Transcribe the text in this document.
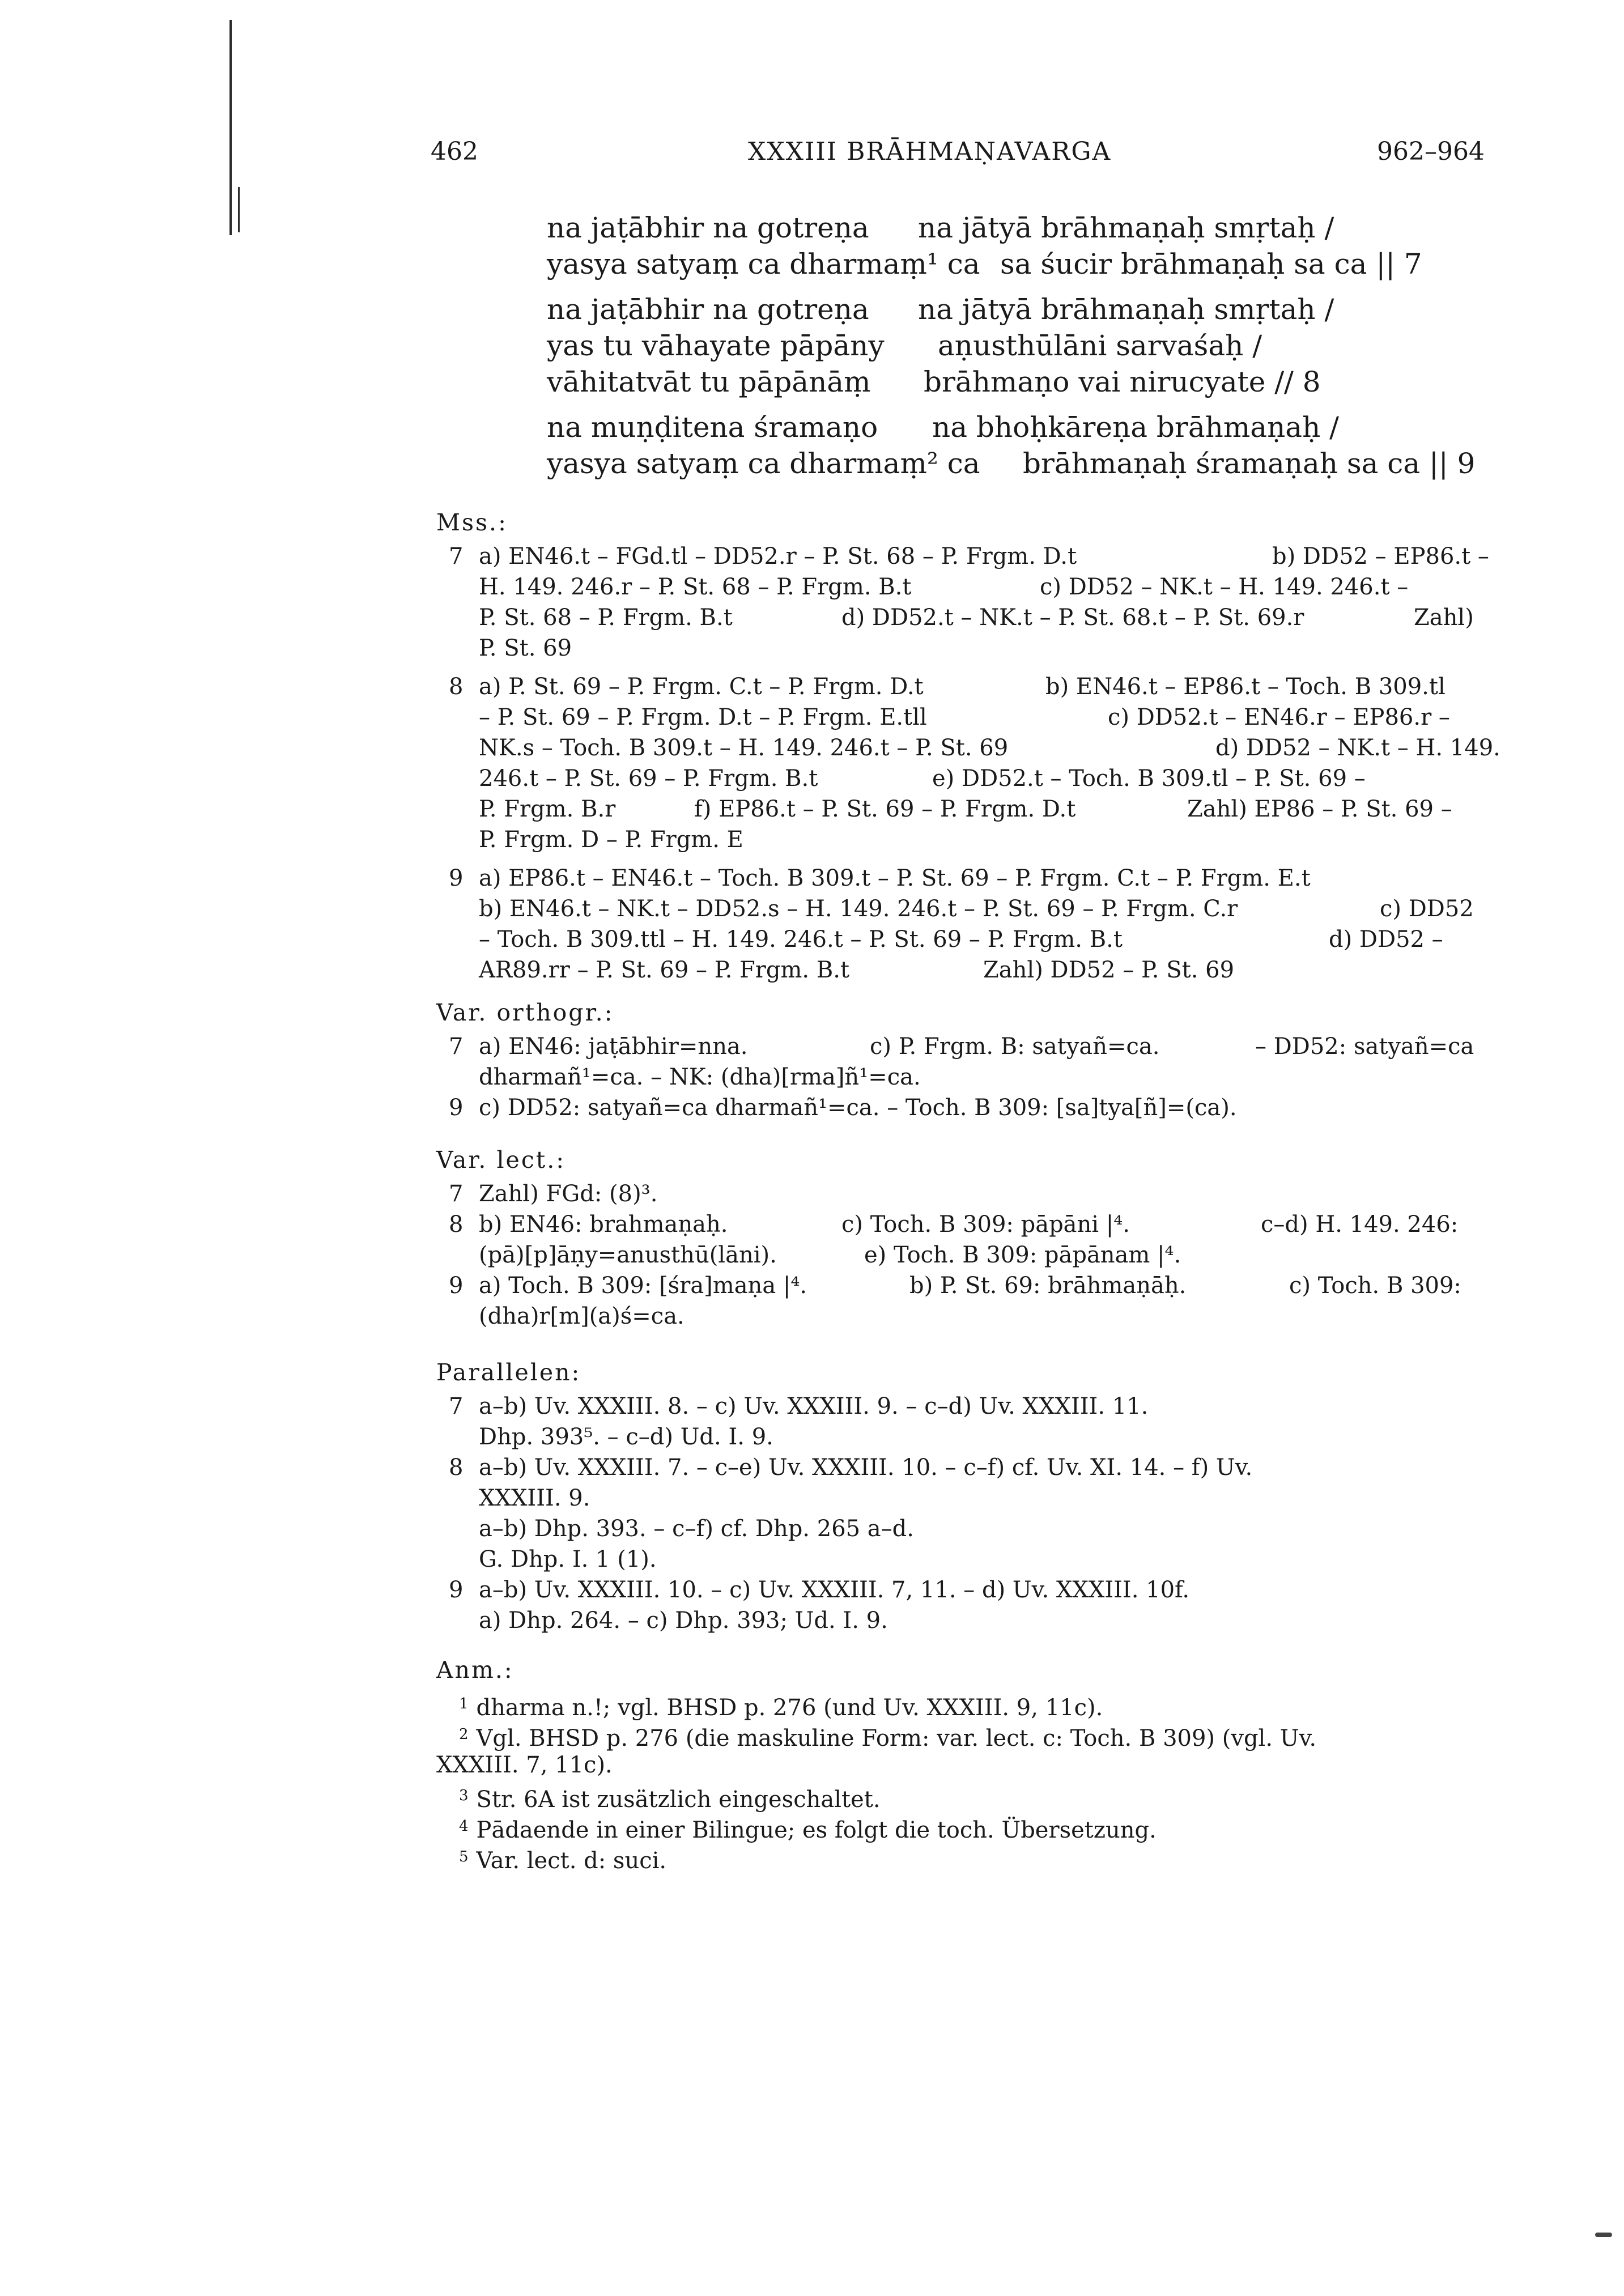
462	XXXIII BRĀHMAṆAVARGA	962–964
na jaṭābhir na gotreṇa na jātyā brāhmaṇaḥ smṛtaḥ /
yasya satyaṃ ca dharmaṃ¹ ca sa śucir brāhmaṇaḥ sa ca || 7
na jaṭābhir na gotreṇa na jātyā brāhmaṇaḥ smṛtaḥ /
yas tu vāhayate pāpāny aṇusthūlāni sarvaśaḥ /
vāhitatvāt tu pāpānāṃ brāhmaṇo vai nirucyate // 8
na muṇḍitena śramaṇo na bhoḥkāreṇa brāhmaṇaḥ /
yasya satyaṃ ca dharmaṃ² ca brāhmaṇaḥ śramaṇaḥ sa ca || 9
Mss.:
7 a) EN46.t – FGd.tl – DD52.r – P. St. 68 – P. Frgm. D.t	b) DD52 – EP86.t –
H. 149. 246.r – P. St. 68 – P. Frgm. B.t	c) DD52 – NK.t – H. 149. 246.t –
P. St. 68 – P. Frgm. B.t	d) DD52.t – NK.t – P. St. 68.t – P. St. 69.r	Zahl)
P. St. 69
8 a) P. St. 69 – P. Frgm. C.t – P. Frgm. D.t	b) EN46.t – EP86.t – Toch. B 309.tl
– P. St. 69 – P. Frgm. D.t – P. Frgm. E.tll	c) DD52.t – EN46.r – EP86.r –
NK.s – Toch. B 309.t – H. 149. 246.t – P. St. 69	d) DD52 – NK.t – H. 149.
246.t – P. St. 69 – P. Frgm. B.t	e) DD52.t – Toch. B 309.tl – P. St. 69 –
P. Frgm. B.r	f) EP86.t – P. St. 69 – P. Frgm. D.t	Zahl) EP86 – P. St. 69 –
P. Frgm. D – P. Frgm. E
9 a) EP86.t – EN46.t – Toch. B 309.t – P. St. 69 – P. Frgm. C.t – P. Frgm. E.t
b) EN46.t – NK.t – DD52.s – H. 149. 246.t – P. St. 69 – P. Frgm. C.r	c) DD52
– Toch. B 309.ttl – H. 149. 246.t – P. St. 69 – P. Frgm. B.t	d) DD52 –
AR89.rr – P. St. 69 – P. Frgm. B.t	Zahl) DD52 – P. St. 69
Var. orthogr.:
7 a) EN46: jaṭābhir=nna.	c) P. Frgm. B: satyañ=ca.	– DD52: satyañ=ca
dharmañ¹=ca. – NK: (dha)[rma]ñ¹=ca.
9 c) DD52: satyañ=ca dharmañ¹=ca. – Toch. B 309: [sa]tya[ñ]=(ca).
Var. lect.:
7 Zahl) FGd: (8)³.
8 b) EN46: brahmaṇaḥ.	c) Toch. B 309: pāpāni |⁴.	c–d) H. 149. 246:
(pā)[p]āṇy=anusthū(lāni).	e) Toch. B 309: pāpānam |⁴.
9 a) Toch. B 309: [śra]maṇa |⁴.	b) P. St. 69: brāhmaṇāḥ.	c) Toch. B 309:
(dha)r[m](a)ś=ca.
Parallelen:
7 a–b) Uv. XXXIII. 8. – c) Uv. XXXIII. 9. – c–d) Uv. XXXIII. 11.
Dhp. 393⁵. – c–d) Ud. I. 9.
8 a–b) Uv. XXXIII. 7. – c–e) Uv. XXXIII. 10. – c–f) cf. Uv. XI. 14. – f) Uv.
XXXIII. 9.
a–b) Dhp. 393. – c–f) cf. Dhp. 265 a–d.
G. Dhp. I. 1 (1).
9 a–b) Uv. XXXIII. 10. – c) Uv. XXXIII. 7, 11. – d) Uv. XXXIII. 10f.
a) Dhp. 264. – c) Dhp. 393; Ud. I. 9.
Anm.:
$^1$ dharma n.!; vgl. BHSD p. 276 (und Uv. XXXIII. 9, 11c).
$^2$ Vgl. BHSD p. 276 (die maskuline Form: var. lect. c: Toch. B 309) (vgl. Uv.
XXXIII. 7, 11c).
$^3$ Str. 6A ist zusätzlich eingeschaltet.
$^4$ Pādaende in einer Bilingue; es folgt die toch. Übersetzung.
$^5$ Var. lect. d: suci.
